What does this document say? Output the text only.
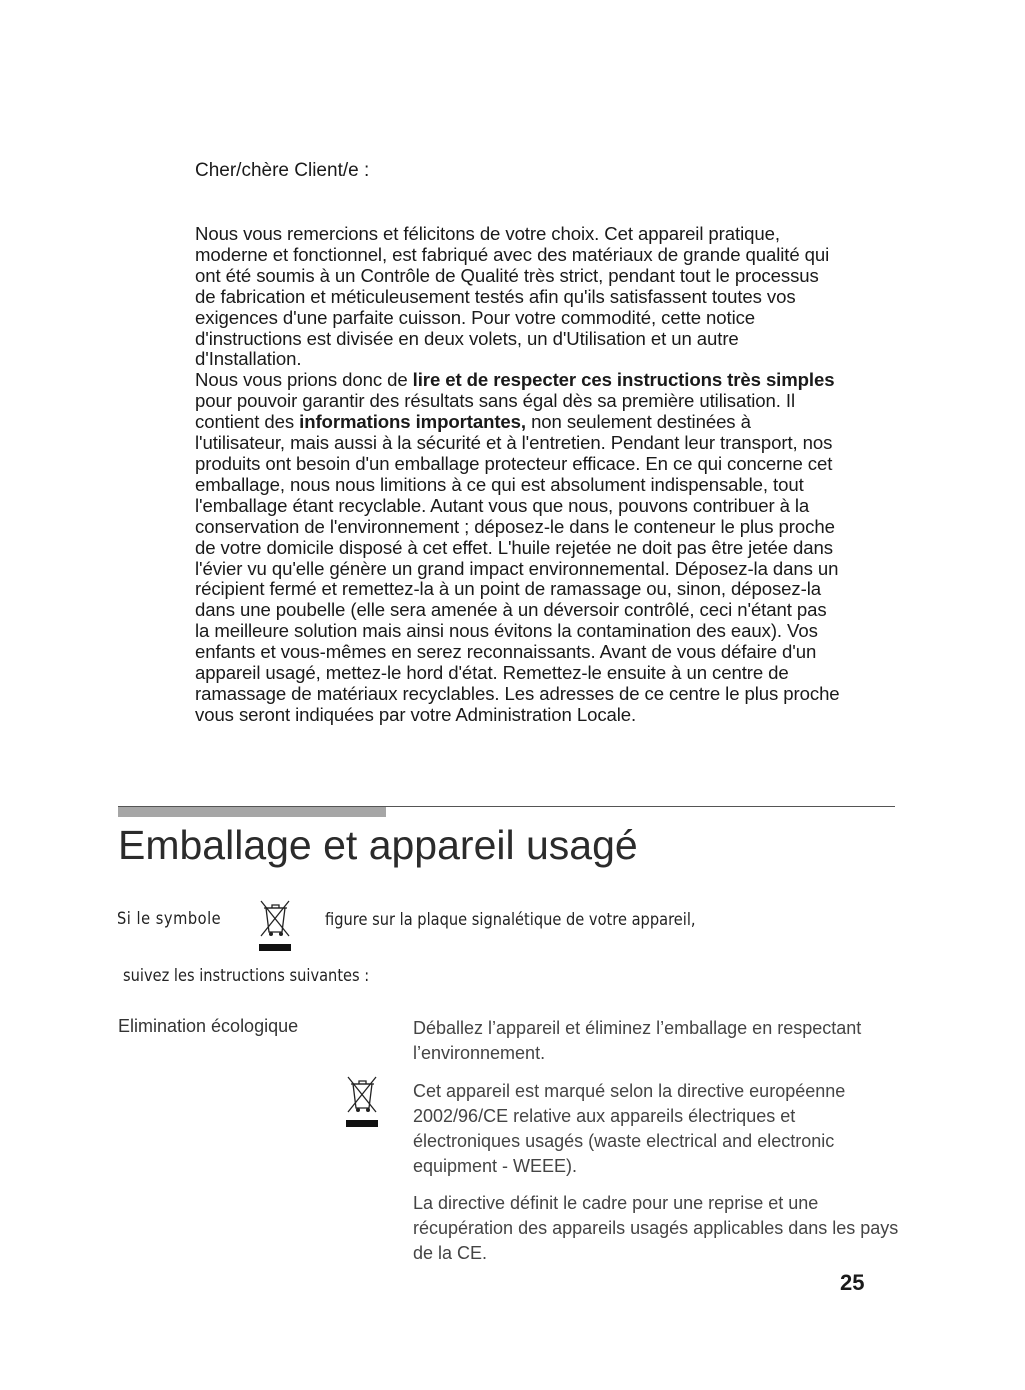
Cher/chère Client/e :

Nous vous remercions et félicitons de votre choix. Cet appareil pratique, moderne et fonctionnel, est fabriqué avec des matériaux de grande qualité qui ont été soumis à un Contrôle de Qualité très strict, pendant tout le processus de fabrication et méticuleusement testés afin qu'ils satisfassent toutes vos exigences d'une parfaite cuisson. Pour votre commodité, cette notice d'instructions est divisée en deux volets, un d'Utilisation et un autre d'Installation.

Nous vous prions donc de lire et de respecter ces instructions très simples pour pouvoir garantir des résultats sans égal dès sa première utilisation. Il contient des informations importantes, non seulement destinées à l'utilisateur, mais aussi à la sécurité et à l'entretien. Pendant leur transport, nos produits ont besoin d'un emballage protecteur efficace. En ce qui concerne cet emballage, nous nous limitions à ce qui est absolument indispensable, tout l'emballage étant recyclable. Autant vous que nous, pouvons contribuer à la conservation de l'environnement ; déposez-le dans le conteneur le plus proche de votre domicile disposé à cet effet. L'huile rejetée ne doit pas être jetée dans l'évier vu qu'elle génère un grand impact environnemental. Déposez-la dans un récipient fermé et remettez-la à un point de ramassage ou, sinon, déposez-la dans une poubelle (elle sera amenée à un déversoir contrôlé, ceci n'étant pas la meilleure solution mais ainsi nous évitons la contamination des eaux). Vos enfants et vous-mêmes en serez reconnaissants. Avant de vous défaire d'un appareil usagé, mettez-le hord d'état. Remettez-le ensuite à un centre de ramassage de matériaux recyclables. Les adresses de ce centre le plus proche vous seront indiquées par votre Administration Locale.

Emballage et appareil usagé
Si le symbole	figure sur la plaque signalétique de votre appareil,
suivez les instructions suivantes :
Elimination écologique	Déballez l’appareil et éliminez l’emballage en respectant l’environnement.

Cet appareil est marqué selon la directive européenne 2002/96/CE relative aux appareils électriques et électroniques usagés (waste electrical and electronic equipment - WEEE).

La directive définit le cadre pour une reprise et une récupération des appareils usagés applicables dans les pays de la CE.

25
